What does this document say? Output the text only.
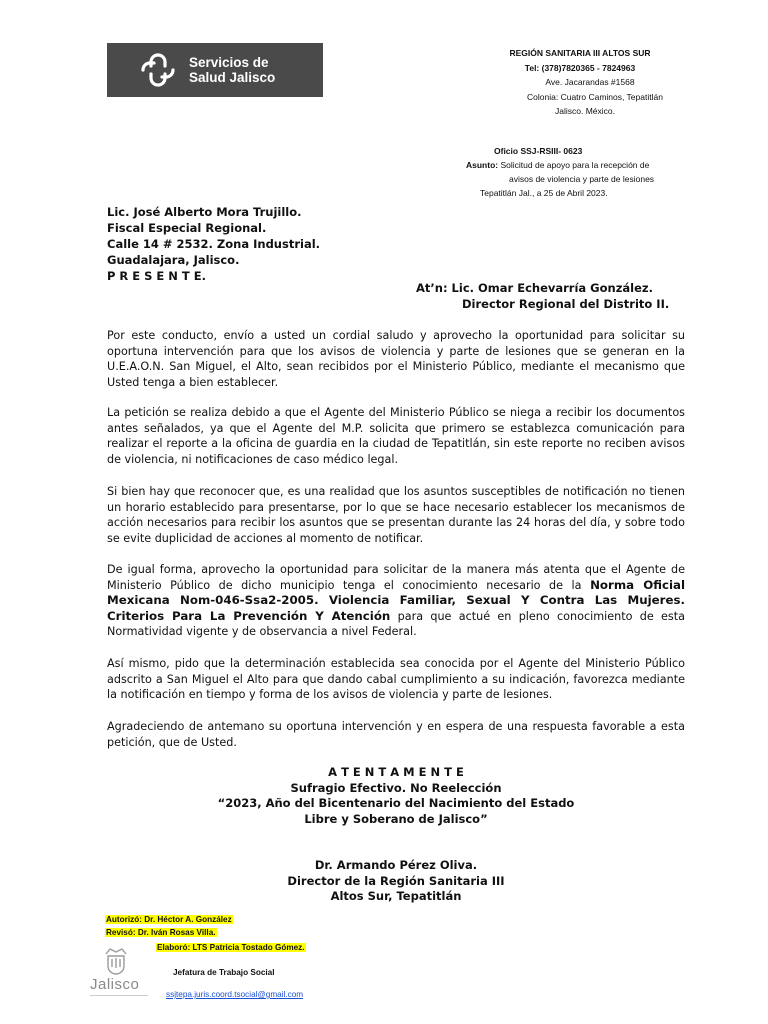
Servicios de
Salud Jalisco
REGIÓN SANITARIA III ALTOS SUR
Tel: (378)7820365 - 7824963
Ave. Jacarandas #1568
Colonia: Cuatro Caminos, Tepatitlán
Jalisco. México.
Oficio SSJ-RSIII- 0623
Asunto: Solicitud de apoyo para la recepción de
avisos de violencia y parte de lesiones
Tepatitlán Jal., a 25 de Abril 2023.
Lic. José Alberto Mora Trujillo.
Fiscal Especial Regional.
Calle 14 # 2532. Zona Industrial.
Guadalajara, Jalisco.
P R E S E N T E.
At’n: Lic. Omar Echevarría González.
Director Regional del Distrito II.

Por este conducto, envío a usted un cordial saludo y aprovecho la oportunidad para solicitar su oportuna intervención para que los avisos de violencia y parte de lesiones que se generan en la U.E.A.O.N. San Miguel, el Alto, sean recibidos por el Ministerio Público, mediante el mecanismo que Usted tenga a bien establecer.

La petición se realiza debido a que el Agente del Ministerio Público se niega a recibir los documentos antes señalados, ya que el Agente del M.P. solicita que primero se establezca comunicación para realizar el reporte a la oficina de guardia en la ciudad de Tepatitlán, sin este reporte no reciben avisos de violencia, ni notificaciones de caso médico legal.

Si bien hay que reconocer que, es una realidad que los asuntos susceptibles de notificación no tienen un horario establecido para presentarse, por lo que se hace necesario establecer los mecanismos de acción necesarios para recibir los asuntos que se presentan durante las 24 horas del día, y sobre todo se evite duplicidad de acciones al momento de notificar.

De igual forma, aprovecho la oportunidad para solicitar de la manera más atenta que el Agente de Ministerio Público de dicho municipio tenga el conocimiento necesario de la Norma Oficial Mexicana Nom-046-Ssa2-2005. Violencia Familiar, Sexual Y Contra Las Mujeres. Criterios Para La Prevención Y Atención para que actué en pleno conocimiento de esta Normatividad vigente y de observancia a nivel Federal.

Así mismo, pido que la determinación establecida sea conocida por el Agente del Ministerio Público adscrito a San Miguel el Alto para que dando cabal cumplimiento a su indicación, favorezca mediante la notificación en tiempo y forma de los avisos de violencia y parte de lesiones.

Agradeciendo de antemano su oportuna intervención y en espera de una respuesta favorable a esta petición, que de Usted.

A T E N T A M E N T E
Sufragio Efectivo. No Reelección
“2023, Año del Bicentenario del Nacimiento del Estado
Libre y Soberano de Jalisco”
Dr. Armando Pérez Oliva.
Director de la Región Sanitaria III
Altos Sur, Tepatitlán
Autorizó: Dr. Héctor A. González
Revisó: Dr. Iván Rosas Villa.
Elaboró: LTS Patricia Tostado Gómez.
Jalisco
Jefatura de Trabajo Social
ssjtepa.juris.coord.tsocial@gmail.com
